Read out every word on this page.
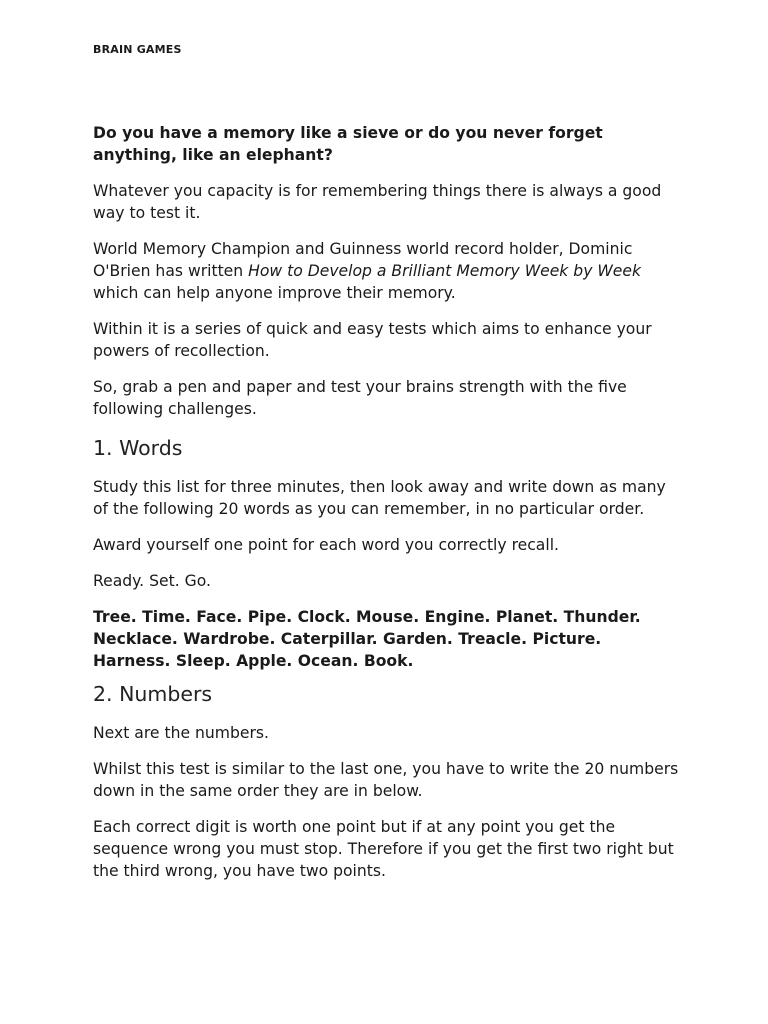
BRAIN GAMES

Do you have a memory like a sieve or do you never forget anything, like an elephant?

Whatever you capacity is for remembering things there is always a good way to test it.

World Memory Champion and Guinness world record holder, Dominic O'Brien has written How to Develop a Brilliant Memory Week by Week which can help anyone improve their memory.

Within it is a series of quick and easy tests which aims to enhance your powers of recollection.

So, grab a pen and paper and test your brains strength with the five following challenges.

1. Words

Study this list for three minutes, then look away and write down as many of the following 20 words as you can remember, in no particular order.

Award yourself one point for each word you correctly recall.

Ready. Set. Go.

Tree. Time. Face. Pipe. Clock. Mouse. Engine. Planet. Thunder. Necklace. Wardrobe. Caterpillar. Garden. Treacle. Picture. Harness. Sleep. Apple. Ocean. Book.

2. Numbers

Next are the numbers.

Whilst this test is similar to the last one, you have to write the 20 numbers down in the same order they are in below.

Each correct digit is worth one point but if at any point you get the sequence wrong you must stop. Therefore if you get the first two right but the third wrong, you have two points.
